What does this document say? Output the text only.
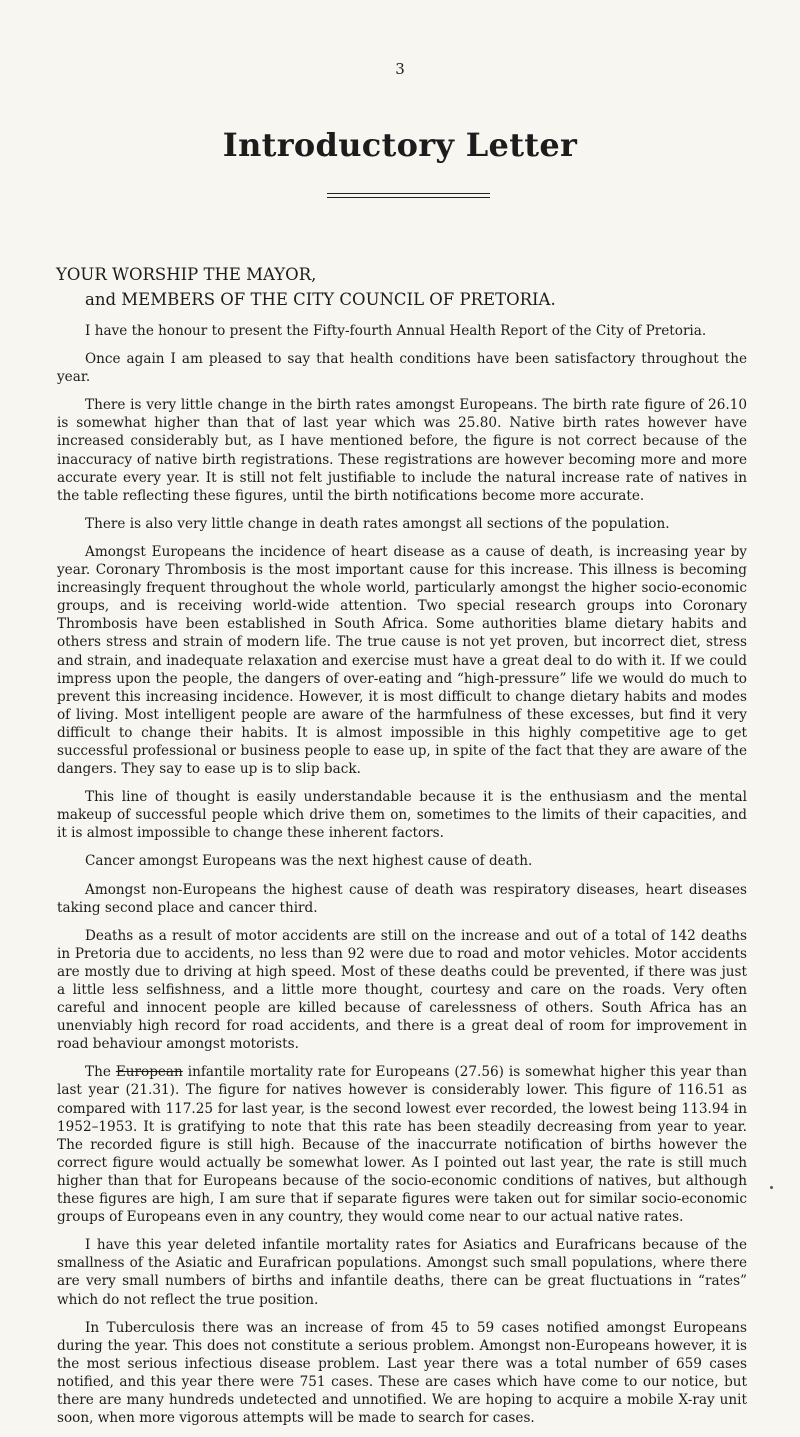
3
Introductory Letter
YOUR WORSHIP THE MAYOR,
and MEMBERS OF THE CITY COUNCIL OF PRETORIA.

I have the honour to present the Fifty-fourth Annual Health Report of the City of Pretoria.

Once again I am pleased to say that health conditions have been satisfactory throughout the year.

There is very little change in the birth rates amongst Europeans. The birth rate figure of 26.10 is somewhat higher than that of last year which was 25.80. Native birth rates however have increased considerably but, as I have mentioned before, the figure is not correct because of the inaccuracy of native birth registrations. These registrations are however becoming more and more accurate every year. It is still not felt justifiable to include the natural increase rate of natives in the table reflecting these figures, until the birth notifications become more accurate.

There is also very little change in death rates amongst all sections of the population.

Amongst Europeans the incidence of heart disease as a cause of death, is increasing year by year. Coronary Thrombosis is the most important cause for this increase. This illness is becoming increasingly frequent throughout the whole world, particularly amongst the higher socio-economic groups, and is receiving world-wide attention. Two special research groups into Coronary Thrombosis have been established in South Africa. Some authorities blame dietary habits and others stress and strain of modern life. The true cause is not yet proven, but incorrect diet, stress and strain, and inadequate relaxation and exercise must have a great deal to do with it. If we could impress upon the people, the dangers of over-eating and “high-pressure” life we would do much to prevent this increasing incidence. However, it is most difficult to change dietary habits and modes of living. Most intelligent people are aware of the harmfulness of these excesses, but find it very difficult to change their habits. It is almost impossible in this highly competitive age to get successful professional or business people to ease up, in spite of the fact that they are aware of the dangers. They say to ease up is to slip back.

This line of thought is easily understandable because it is the enthusiasm and the mental makeup of successful people which drive them on, sometimes to the limits of their capacities, and it is almost impossible to change these inherent factors.

Cancer amongst Europeans was the next highest cause of death.

Amongst non-Europeans the highest cause of death was respiratory diseases, heart diseases taking second place and cancer third.

Deaths as a result of motor accidents are still on the increase and out of a total of 142 deaths in Pretoria due to accidents, no less than 92 were due to road and motor vehicles. Motor accidents are mostly due to driving at high speed. Most of these deaths could be prevented, if there was just a little less selfishness, and a little more thought, courtesy and care on the roads. Very often careful and innocent people are killed because of carelessness of others. South Africa has an unenviably high record for road accidents, and there is a great deal of room for improvement in road behaviour amongst motorists.

The European infantile mortality rate for Europeans (27.56) is somewhat higher this year than last year (21.31). The figure for natives however is considerably lower. This figure of 116.51 as compared with 117.25 for last year, is the second lowest ever recorded, the lowest being 113.94 in 1952–1953. It is gratifying to note that this rate has been steadily decreasing from year to year. The recorded figure is still high. Because of the inaccurrate notification of births however the correct figure would actually be somewhat lower. As I pointed out last year, the rate is still much higher than that for Europeans because of the socio-economic conditions of natives, but although these figures are high, I am sure that if separate figures were taken out for similar socio-economic groups of Europeans even in any country, they would come near to our actual native rates.

I have this year deleted infantile mortality rates for Asiatics and Eurafricans because of the smallness of the Asiatic and Eurafrican populations. Amongst such small populations, where there are very small numbers of births and infantile deaths, there can be great fluctuations in “rates” which do not reflect the true position.

In Tuberculosis there was an increase of from 45 to 59 cases notified amongst Europeans during the year. This does not constitute a serious problem. Amongst non-Europeans however, it is the most serious infectious disease problem. Last year there was a total number of 659 cases notified, and this year there were 751 cases. These are cases which have come to our notice, but there are many hundreds undetected and unnotified. We are hoping to acquire a mobile X-ray unit soon, when more vigorous attempts will be made to search for cases.
